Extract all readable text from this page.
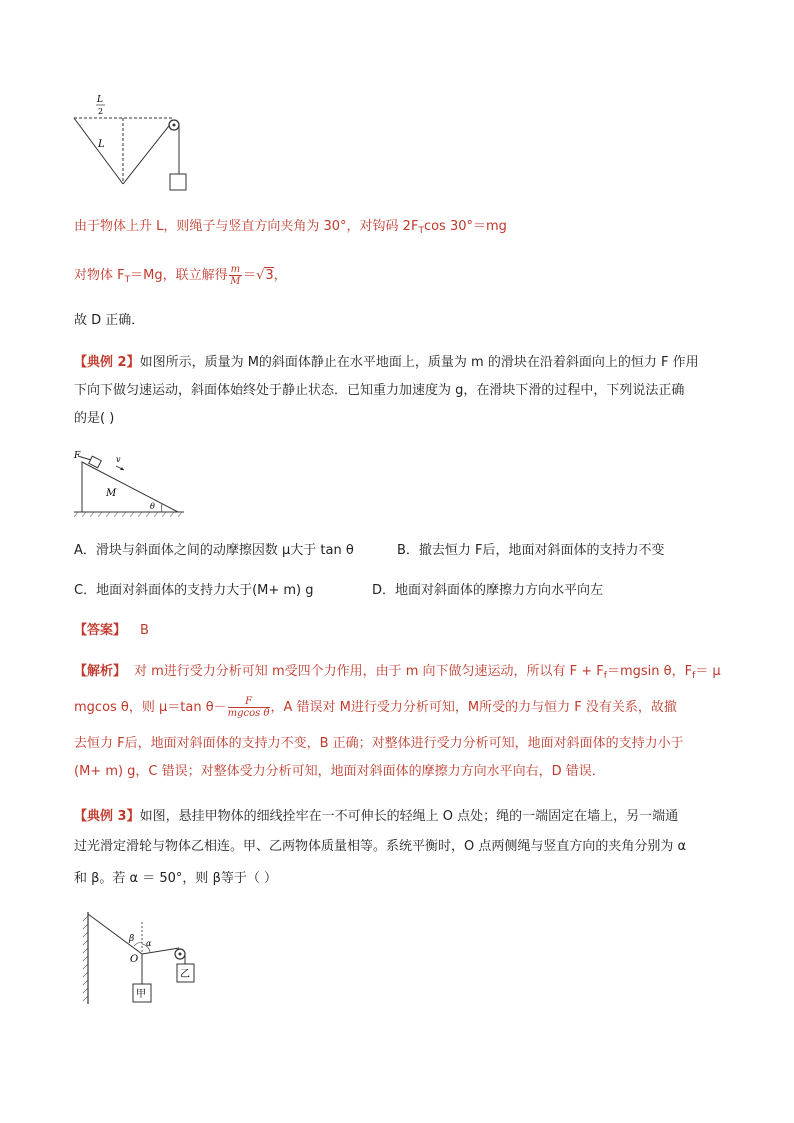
L
2
L
由于物体上升 L，则绳子与竖直方向夹角为 30°，对钩码 $2F_T\cos$ 30°＝mg
对物体 $F_T=Mg$，联立解得 $\frac{m}{M} =√3$，
故 D 正确．
【典例 2】如图所示，质量为 M的斜面体静止在水平地面上，质量为 m 的滑块在沿着斜面向上的恒力 F 作用
下向下做匀速运动，斜面体始终处于静止状态．已知重力加速度为 g，在滑块下滑的过程中，下列说法正确
的是( )
F	v
M
θ
A．滑块与斜面体之间的动摩擦因数 μ大于 tan θ	B．撤去恒力 F后，地面对斜面体的支持力不变
C．地面对斜面体的支持力大于(M+ m) g	D．地面对斜面体的摩擦力方向水平向左
【答案】 B
【解析】 对 m进行受力分析可知 m受四个力作用，由于 m 向下做匀速运动，所以有 $F + F_f=mgsin$ θ，$F_f= \mu$
mgcos θ，则 μ＝tan $\theta- \frac{F}{\text{mgcos θ}}$ ，A 错误对 M进行受力分析可知，M所受的力与恒力 F 没有关系，故撤
去恒力 F后，地面对斜面体的支持力不变，B 正确；对整体进行受力分析可知，地面对斜面体的支持力小于
(M+ m) g，C 错误；对整体受力分析可知，地面对斜面体的摩擦力方向水平向右，D 错误．
【典例 3】如图，悬挂甲物体的细线拴牢在一不可伸长的轻绳上 O 点处；绳的一端固定在墙上，另一端通
过光滑定滑轮与物体乙相连。甲、乙两物体质量相等。系统平衡时，O 点两侧绳与竖直方向的夹角分别为 α
和 β。若 α ＝ 50°，则 β等于（ ）
β α
O
甲
乙
